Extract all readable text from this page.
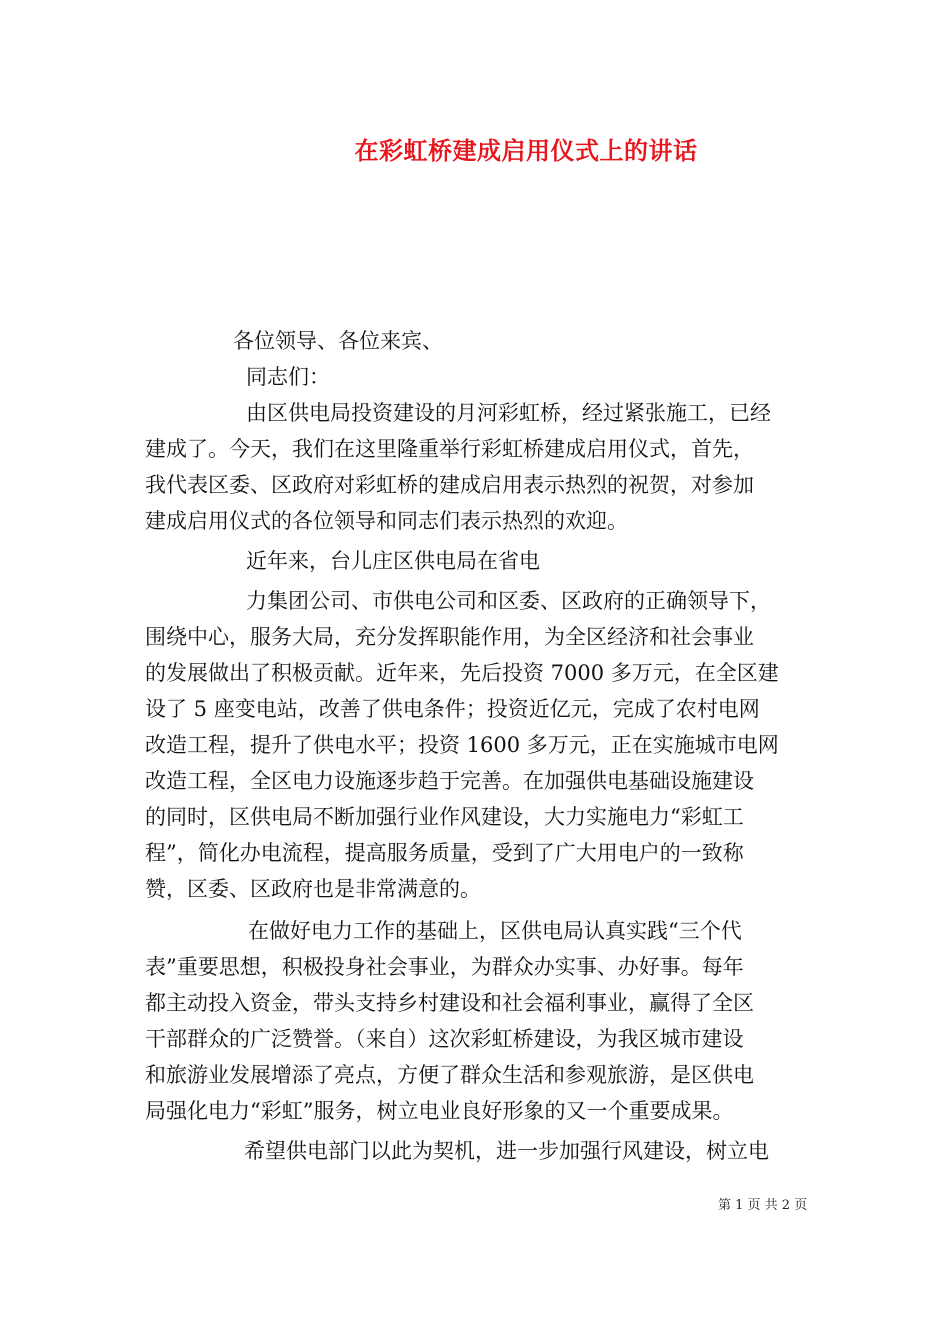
在彩虹桥建成启用仪式上的讲话
各位领导、各位来宾、
同志们：
由区供电局投资建设的月河彩虹桥，经过紧张施工，已经
建成了。今天，我们在这里隆重举行彩虹桥建成启用仪式，首先，
我代表区委、区政府对彩虹桥的建成启用表示热烈的祝贺，对参加
建成启用仪式的各位领导和同志们表示热烈的欢迎。
近年来，台儿庄区供电局在省电
力集团公司、市供电公司和区委、区政府的正确领导下，
围绕中心，服务大局，充分发挥职能作用，为全区经济和社会事业
的发展做出了积极贡献。近年来，先后投资 7000 多万元，在全区建
设了 5 座变电站，改善了供电条件；投资近亿元，完成了农村电网
改造工程，提升了供电水平；投资 1600 多万元，正在实施城市电网
改造工程，全区电力设施逐步趋于完善。在加强供电基础设施建设
的同时，区供电局不断加强行业作风建设，大力实施电力“彩虹工
程”，简化办电流程，提高服务质量，受到了广大用电户的一致称
赞，区委、区政府也是非常满意的。
在做好电力工作的基础上，区供电局认真实践“三个代
表”重要思想，积极投身社会事业，为群众办实事、办好事。每年
都主动投入资金，带头支持乡村建设和社会福利事业，赢得了全区
干部群众的广泛赞誉。（来自）这次彩虹桥建设，为我区城市建设
和旅游业发展增添了亮点，方便了群众生活和参观旅游，是区供电
局强化电力“彩虹”服务，树立电业良好形象的又一个重要成果。
希望供电部门以此为契机，进一步加强行风建设，树立电
第 1 页 共 2 页
